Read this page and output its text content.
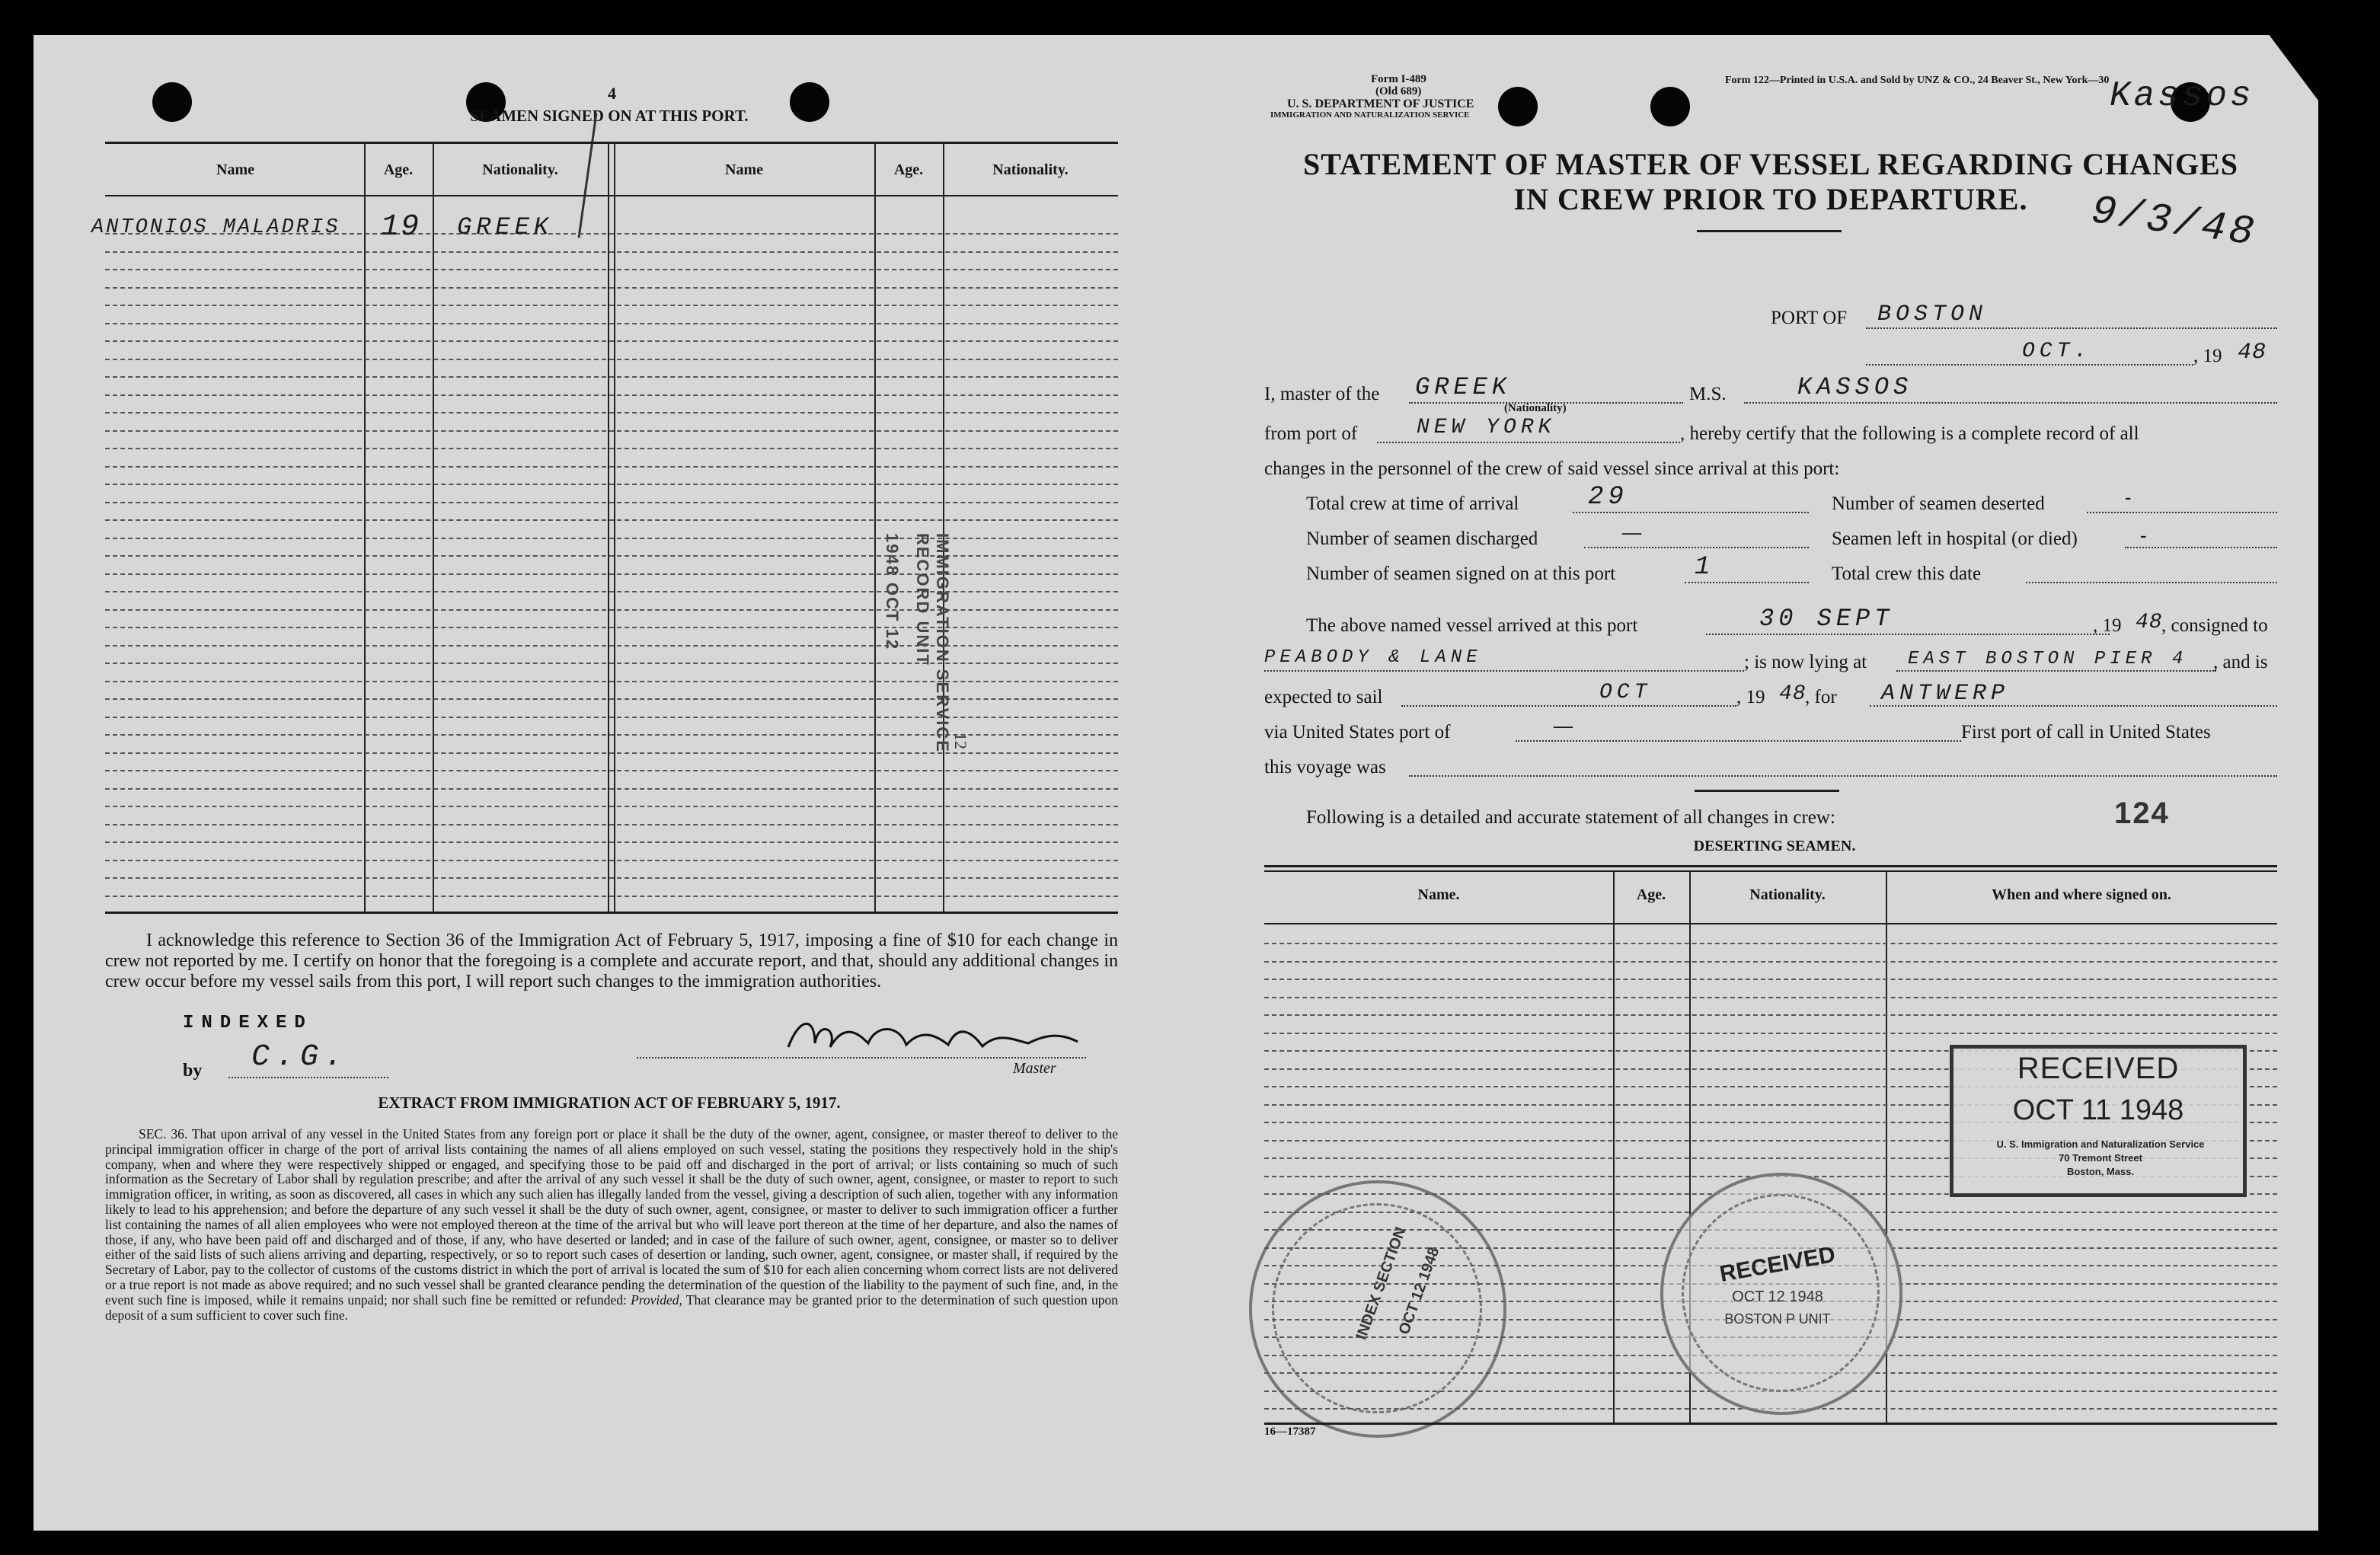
4
SEAMEN SIGNED ON AT THIS PORT.
Name	Age.	Nationality.	Name	Age.	Nationality.
ANTONIOS MALADRIS 19 GREEK
IMMIGRATION SERVICE
RECORD UNIT
1948 OCT 12
12
I acknowledge this reference to Section 36 of the Immigration Act of February 5, 1917, imposing a fine of $10 for each change in crew not reported by me. I certify on honor that the foregoing is a complete and accurate report, and that, should any additional changes in crew occur before my vessel sails from this port, I will report such changes to the immigration authorities.
INDEXED
by C.G.	Master
EXTRACT FROM IMMIGRATION ACT OF FEBRUARY 5, 1917.
SEC. 36. That upon arrival of any vessel in the United States from any foreign port or place it shall be the duty of the owner, agent, consignee, or master thereof to deliver to the principal immigration officer in charge of the port of arrival lists containing the names of all aliens employed on such vessel, stating the positions they respectively hold in the ship's company, when and where they were respectively shipped or engaged, and specifying those to be paid off and discharged in the port of arrival; or lists containing so much of such information as the Secretary of Labor shall by regulation prescribe; and after the arrival of any such vessel it shall be the duty of such owner, agent, consignee, or master to report to such immigration officer, in writing, as soon as discovered, all cases in which any such alien has illegally landed from the vessel, giving a description of such alien, together with any information likely to lead to his apprehension; and before the departure of any such vessel it shall be the duty of such owner, agent, consignee, or master to deliver to such immigration officer a further list containing the names of all alien employees who were not employed thereon at the time of the arrival but who will leave port thereon at the time of her departure, and also the names of those, if any, who have been paid off and discharged and of those, if any, who have deserted or landed; and in case of the failure of such owner, agent, consignee, or master so to deliver either of the said lists of such aliens arriving and departing, respectively, or so to report such cases of desertion or landing, such owner, agent, consignee, or master shall, if required by the Secretary of Labor, pay to the collector of customs of the customs district in which the port of arrival is located the sum of $10 for each alien concerning whom correct lists are not delivered or a true report is not made as above required; and no such vessel shall be granted clearance pending the determination of the question of the liability to the payment of such fine, and, in the event such fine is imposed, while it remains unpaid; nor shall such fine be remitted or refunded: Provided, That clearance may be granted prior to the determination of such question upon deposit of a sum sufficient to cover such fine.	INDEX SECTION
OCT 12 1948
Form I-489
(Old 689)
U. S. DEPARTMENT OF JUSTICE
IMMIGRATION AND NATURALIZATION SERVICE
Form 122—Printed in U.S.A. and Sold by UNZ & CO., 24 Beaver St., New York—30 Kassos
9/3/48
STATEMENT OF MASTER OF VESSEL REGARDING CHANGES
IN CREW PRIOR TO DEPARTURE.
PORT OF BOSTON
OCT.	, 19 48
I, master of the GREEK
(Nationality)
M.S.	KASSOS
from port of	NEW YORK	, hereby certify that the following is a complete record of all
changes in the personnel of the crew of said vessel since arrival at this port:
Total crew at time of arrival	29	Number of seamen deserted	-
Number of seamen discharged	—	Seamen left in hospital (or died)	-
Number of seamen signed on at this port	1	Total crew this date
The above named vessel arrived at this port	30 SEPT	, 19 48
, consigned to
PEABODY & LANE	; is now lying at EAST BOSTON PIER 4 , and is
expected to sail	OCT	, 19 48
, for ANTWERP
via United States port of	—	First port of call in United States
this voyage was
Following is a detailed and accurate statement of all changes in crew:	124
DESERTING SEAMEN.
Name.	Age.	Nationality.	When and where signed on.
RECEIVED
OCT 11 1948
U. S. Immigration and Naturalization Service
70 Tremont Street
Boston, Mass.
RECEIVED
OCT 12 1948
BOSTON P UNIT
16—17387
